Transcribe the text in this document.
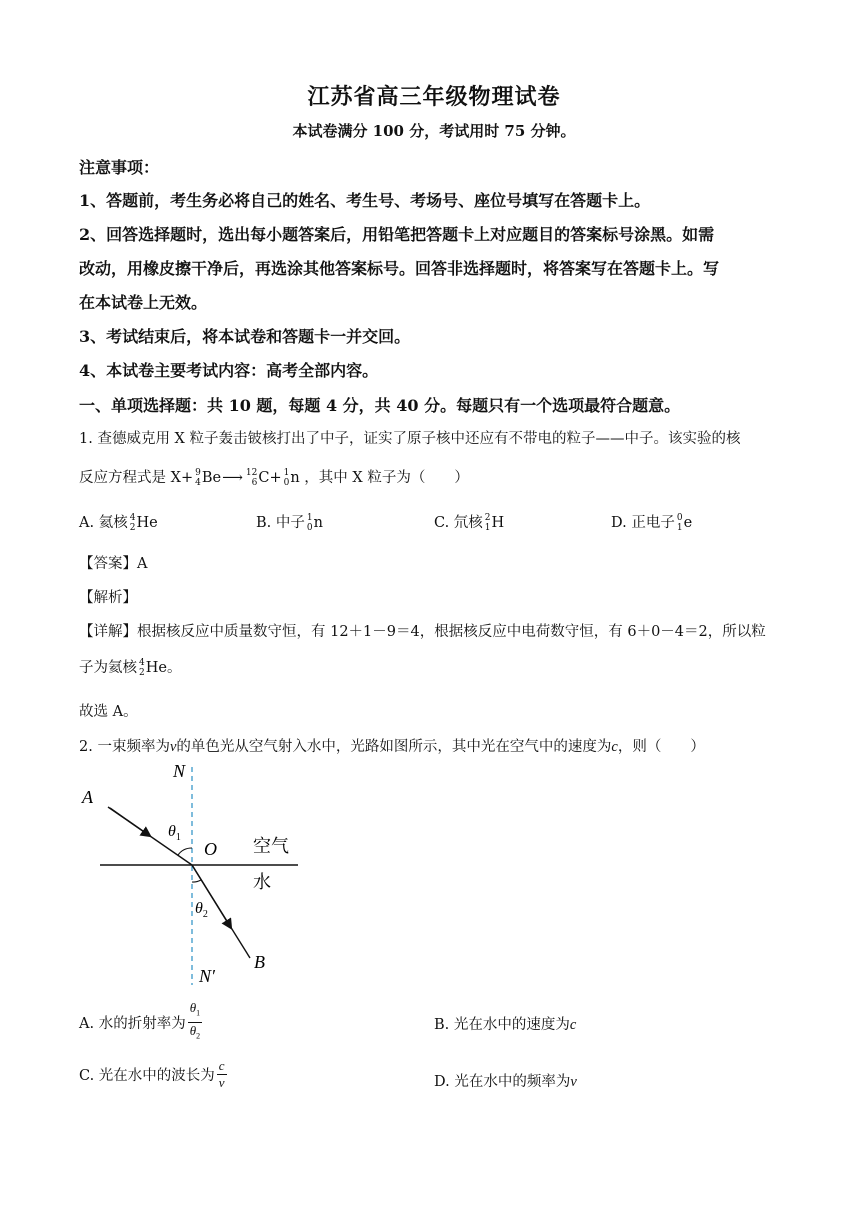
江苏省高三年级物理试卷
本试卷满分 100 分，考试用时 75 分钟。
注意事项：
1、答题前，考生务必将自己的姓名、考生号、考场号、座位号填写在答题卡上。
2、回答选择题时，选出每小题答案后，用铅笔把答题卡上对应题目的答案标号涂黑。如需
改动，用橡皮擦干净后，再选涂其他答案标号。回答非选择题时，将答案写在答题卡上。写
在本试卷上无效。
3、考试结束后，将本试卷和答题卡一并交回。
4、本试卷主要考试内容：高考全部内容。
一、单项选择题：共 10 题，每题 4 分，共 40 分。每题只有一个选项最符合题意。
1. 查德威克用 X 粒子轰击铍核打出了中子，证实了原子核中还应有不带电的粒子——中子。该实验的核
反应方程式是 X+ 9
4 Be⟶ 12
6 C+ 1
0 n ，其中 X 粒子为（　　）
A. 氦核 4
2 He	B. 中子 1
0 n	C. 氘核 2
1 H	D. 正电子 0
1 e
【答案】A
【解析】
【详解】根据核反应中质量数守恒，有 12＋1－9＝4，根据核反应中电荷数守恒，有 6＋0－4＝2，所以粒
子为氦核 4
2 He。
故选 A。
2. 一束频率为ν的单色光从空气射入水中，光路如图所示，其中光在空气中的速度为c，则（　　）
N
A
$\theta_1$
O 空气
水
$\theta_2$
B
N′
A. 水的折射率为 $\frac{\theta_1}{\theta_2}$	B. 光在水中的速度为c
C. 光在水中的波长为 $\frac{c}{\nu}$	D. 光在水中的频率为ν
